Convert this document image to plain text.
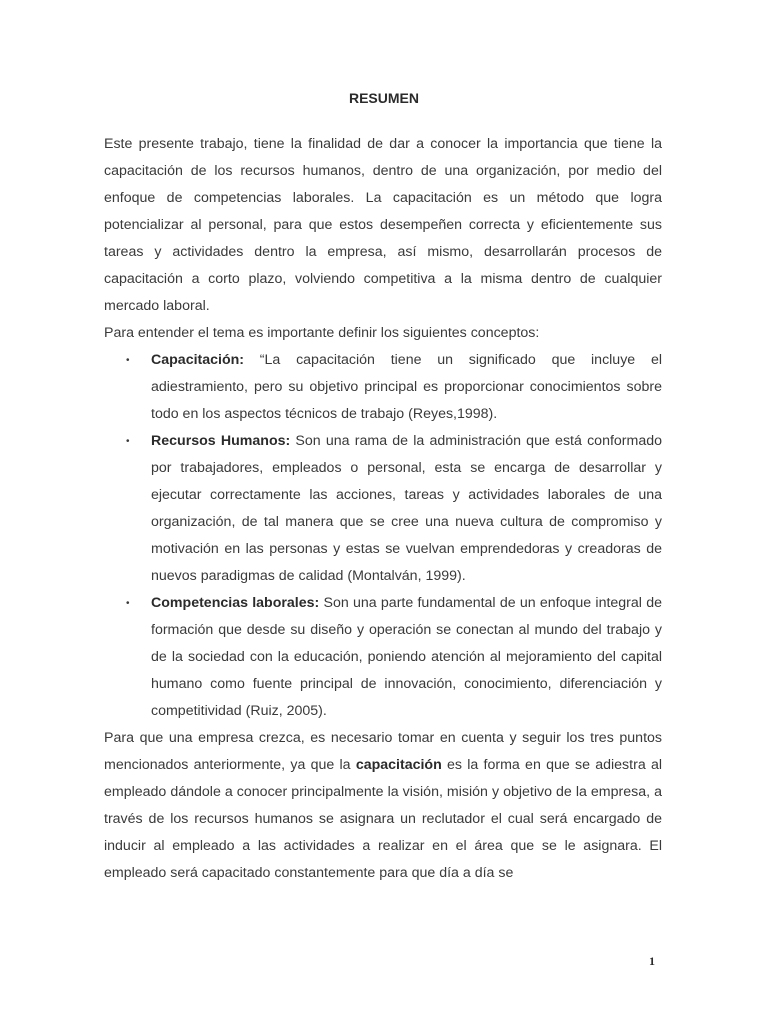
RESUMEN

Este presente trabajo, tiene la finalidad de dar a conocer la importancia que tiene la capacitación de los recursos humanos, dentro de una organización, por medio del enfoque de competencias laborales. La capacitación es un método que logra potencializar al personal, para que estos desempeñen correcta y eficientemente sus tareas y actividades dentro la empresa, así mismo, desarrollarán procesos de capacitación a corto plazo, volviendo competitiva a la misma dentro de cualquier mercado laboral.

Para entender el tema es importante definir los siguientes conceptos:

• Capacitación: “La capacitación tiene un significado que incluye el adiestramiento, pero su objetivo principal es proporcionar conocimientos sobre todo en los aspectos técnicos de trabajo (Reyes,1998).
• Recursos Humanos: Son una rama de la administración que está conformado por trabajadores, empleados o personal, esta se encarga de desarrollar y ejecutar correctamente las acciones, tareas y actividades laborales de una organización, de tal manera que se cree una nueva cultura de compromiso y motivación en las personas y estas se vuelvan emprendedoras y creadoras de nuevos paradigmas de calidad (Montalván, 1999).
• Competencias laborales: Son una parte fundamental de un enfoque integral de formación que desde su diseño y operación se conectan al mundo del trabajo y de la sociedad con la educación, poniendo atención al mejoramiento del capital humano como fuente principal de innovación, conocimiento, diferenciación y competitividad (Ruiz, 2005).

Para que una empresa crezca, es necesario tomar en cuenta y seguir los tres puntos mencionados anteriormente, ya que la capacitación es la forma en que se adiestra al empleado dándole a conocer principalmente la visión, misión y objetivo de la empresa, a través de los recursos humanos se asignara un reclutador el cual será encargado de inducir al empleado a las actividades a realizar en el área que se le asignara. El empleado será capacitado constantemente para que día a día se

1
